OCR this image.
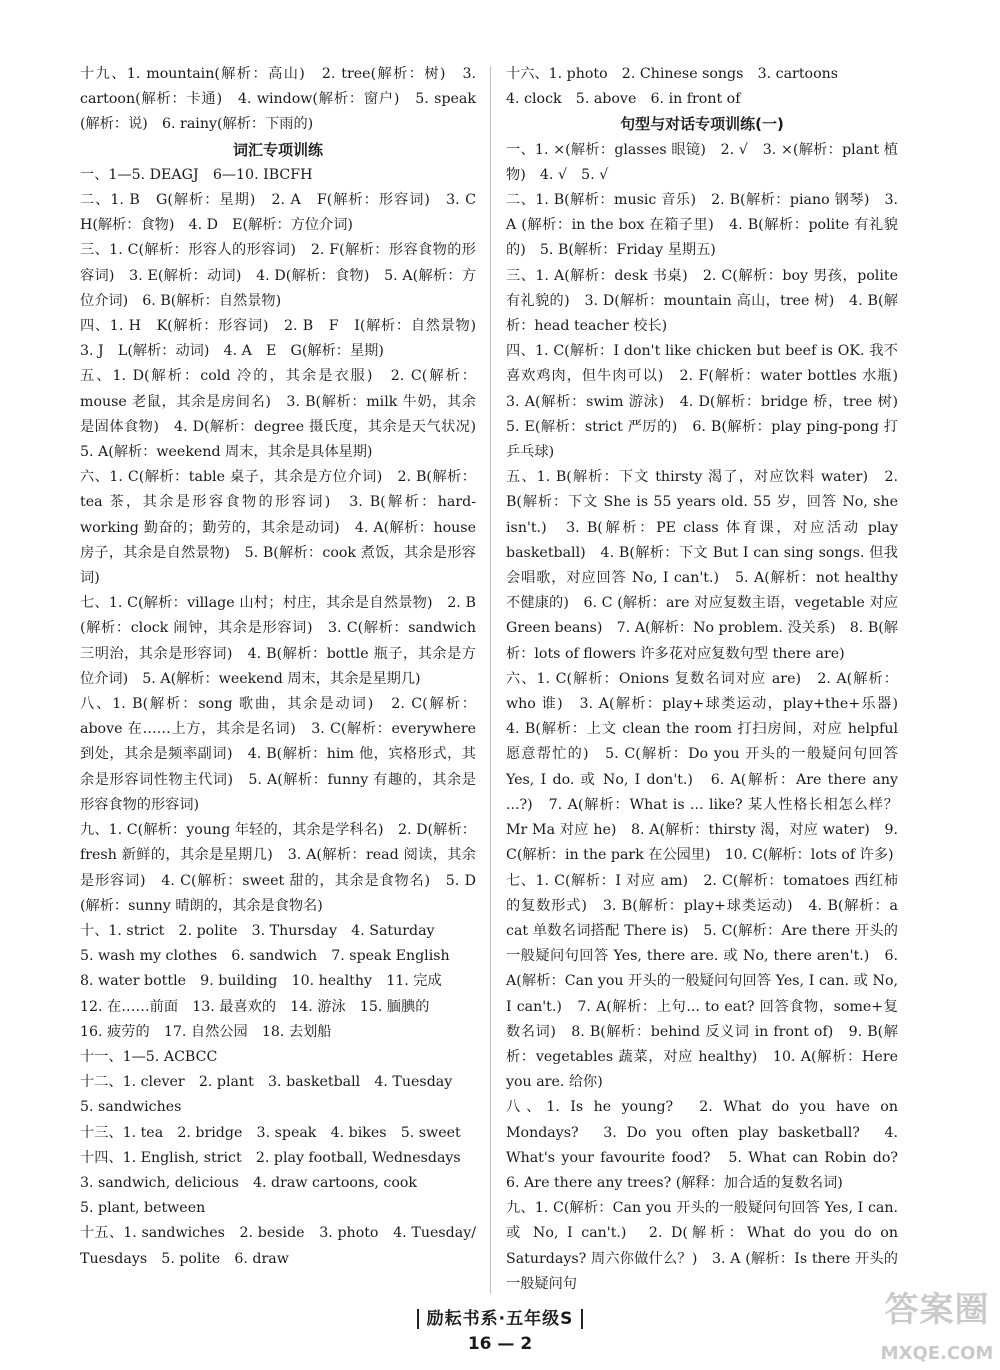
十九、1. mountain(解析：高山)　2. tree(解析：树)　3. cartoon(解析：卡通)　4. window(解析：窗户)　5. speak (解析：说)　6. rainy(解析：下雨的)

词汇专项训练

一、1—5. DEAGJ　6—10. IBCFH

二、1. B　G(解析：星期)　2. A　F(解析：形容词)　3. C　H(解析：食物)　4. D　E(解析：方位介词)

三、1. C(解析：形容人的形容词)　2. F(解析：形容食物的形容词)　3. E(解析：动词)　4. D(解析：食物)　5. A(解析：方位介词)　6. B(解析：自然景物)

四、1. H　K(解析：形容词)　2. B　F　I(解析：自然景物)　3. J　L(解析：动词)　4. A　E　G(解析：星期)

五、1. D(解析：cold 冷的，其余是衣服)　2. C(解析：mouse 老鼠，其余是房间名)　3. B(解析：milk 牛奶，其余是固体食物)　4. D(解析：degree 摄氏度，其余是天气状况)　5. A(解析：weekend 周末，其余是具体星期)

六、1. C(解析：table 桌子，其余是方位介词)　2. B(解析：tea 茶，其余是形容食物的形容词)　3. B(解析：hard-working 勤奋的；勤劳的，其余是动词)　4. A(解析：house 房子，其余是自然景物)　5. B(解析：cook 煮饭，其余是形容词)

七、1. C(解析：village 山村；村庄，其余是自然景物)　2. B (解析：clock 闹钟，其余是形容词)　3. C(解析：sandwich 三明治，其余是形容词)　4. B(解析：bottle 瓶子，其余是方位介词)　5. A(解析：weekend 周末，其余是星期几)

八、1. B(解析：song 歌曲，其余是动词)　2. C(解析：above 在……上方，其余是名词)　3. C(解析：everywhere 到处，其余是频率副词)　4. B(解析：him 他，宾格形式，其余是形容词性物主代词)　5. A(解析：funny 有趣的，其余是形容食物的形容词)

九、1. C(解析：young 年轻的，其余是学科名)　2. D(解析：fresh 新鲜的，其余是星期几)　3. A(解析：read 阅读，其余是形容词)　4. C(解析：sweet 甜的，其余是食物名)　5. D (解析：sunny 晴朗的，其余是食物名)

十、1. strict　2. polite　3. Thursday　4. Saturday

5. wash my clothes　6. sandwich　7. speak English

8. water bottle　9. building　10. healthy　11. 完成

12. 在……前面　13. 最喜欢的　14. 游泳　15. 腼腆的

16. 疲劳的　17. 自然公园　18. 去划船

十一、1—5. ACBCC

十二、1. clever　2. plant　3. basketball　4. Tuesday

5. sandwiches

十三、1. tea　2. bridge　3. speak　4. bikes　5. sweet

十四、1. English, strict　2. play football, Wednesdays

3. sandwich, delicious　4. draw cartoons, cook

5. plant, between

十五、1. sandwiches　2. beside　3. photo　4. Tuesday/ Tuesdays　5. polite　6. draw

十六、1. photo　2. Chinese songs　3. cartoons

4. clock　5. above　6. in front of

句型与对话专项训练(一)

一、1. ×(解析：glasses 眼镜)　2. √　3. ×(解析：plant 植物)　4. √　5. √

二、1. B(解析：music 音乐)　2. B(解析：piano 钢琴)　3. A (解析：in the box 在箱子里)　4. B(解析：polite 有礼貌的)　5. B(解析：Friday 星期五)

三、1. A(解析：desk 书桌)　2. C(解析：boy 男孩，polite 有礼貌的)　3. D(解析：mountain 高山，tree 树)　4. B(解析：head teacher 校长)

四、1. C(解析：I don't like chicken but beef is OK. 我不喜欢鸡肉，但牛肉可以)　2. F(解析：water bottles 水瓶)　3. A(解析：swim 游泳)　4. D(解析：bridge 桥，tree 树)　5. E(解析：strict 严厉的)　6. B(解析：play ping-pong 打乒乓球)

五、1. B(解析：下文 thirsty 渴了，对应饮料 water)　2. B(解析：下文 She is 55 years old. 55 岁，回答 No, she isn't.)　3. B(解析：PE class 体育课，对应活动 play basketball)　4. B(解析：下文 But I can sing songs. 但我会唱歌，对应回答 No, I can't.)　5. A(解析：not healthy 不健康的)　6. C (解析：are 对应复数主语，vegetable 对应 Green beans)　7. A(解析：No problem. 没关系)　8. B(解析：lots of flowers 许多花对应复数句型 there are)

六、1. C(解析：Onions 复数名词对应 are)　2. A(解析：who 谁)　3. A(解析：play+球类运动，play+the+乐器)　4. B(解析：上文 clean the room 打扫房间，对应 helpful 愿意帮忙的)　5. C(解析：Do you 开头的一般疑问句回答 Yes, I do. 或 No, I don't.)　6. A(解析：Are there any ...?)　7. A(解析：What is ... like? 某人性格长相怎么样？Mr Ma 对应 he)　8. A(解析：thirsty 渴，对应 water)　9. C(解析：in the park 在公园里)　10. C(解析：lots of 许多)

七、1. C(解析：I 对应 am)　2. C(解析：tomatoes 西红柿的复数形式)　3. B(解析：play+球类运动)　4. B(解析：a cat 单数名词搭配 There is)　5. C(解析：Are there 开头的一般疑问句回答 Yes, there are. 或 No, there aren't.)　6. A(解析：Can you 开头的一般疑问句回答 Yes, I can. 或 No, I can't.)　7. A(解析：上句... to eat? 回答食物，some+复数名词)　8. B(解析：behind 反义词 in front of)　9. B(解析：vegetables 蔬菜，对应 healthy)　10. A(解析：Here you are. 给你)

八、1. Is he young?　2. What do you have on Mondays?　3. Do you often play basketball?　4. What's your favourite food?　5. What can Robin do?　6. Are there any trees? (解释：加合适的复数名词)

九、1. C(解析：Can you 开头的一般疑问句回答 Yes, I can. 或 No, I can't.)　2. D(解析：What do you do on Saturdays? 周六你做什么？)　3. A (解析：Is there 开头的一般疑问句

励耘书系·五年级S
16 — 2
答案圈
MXQE.COM
